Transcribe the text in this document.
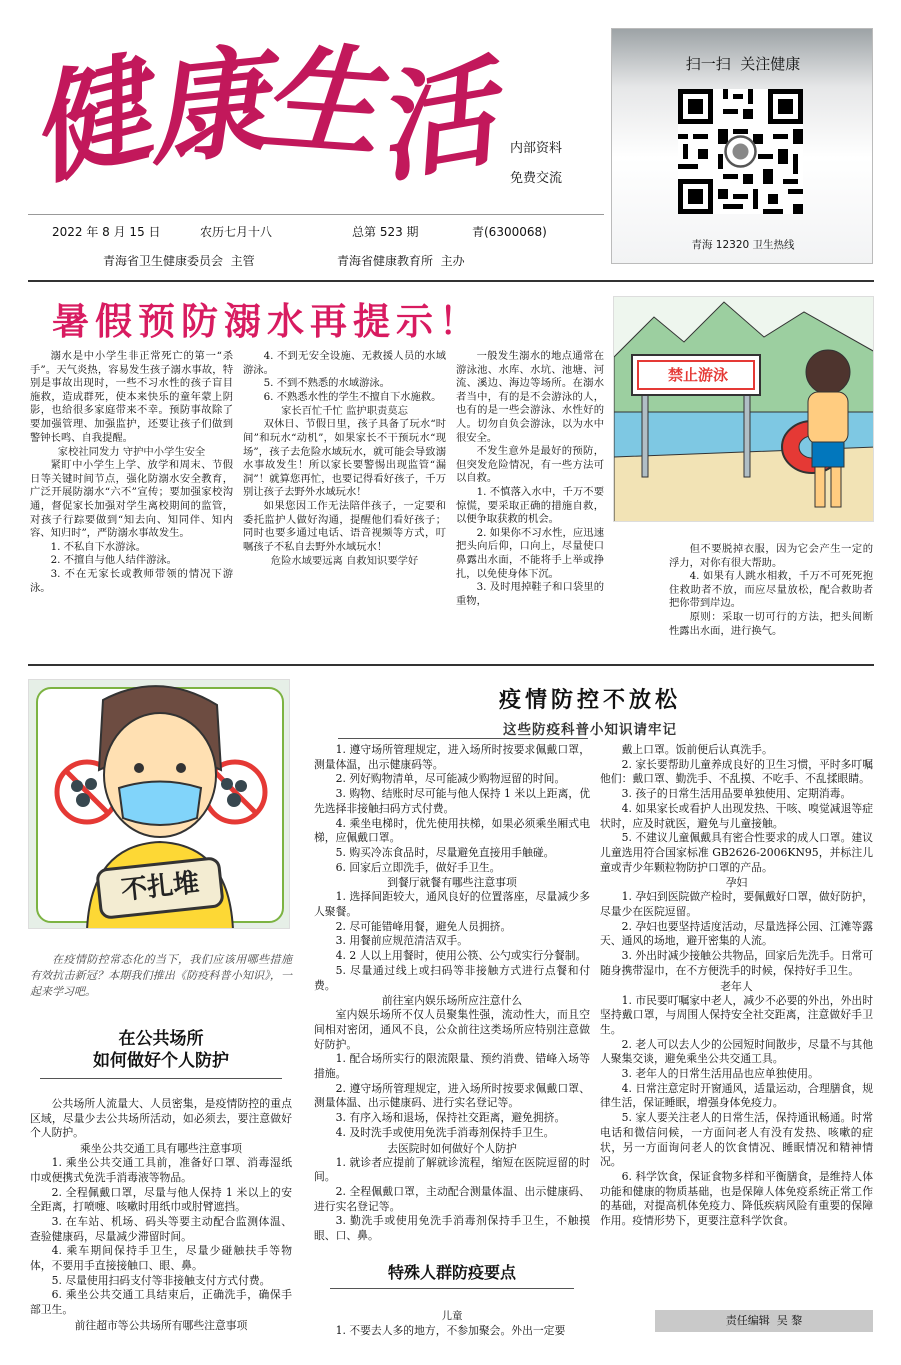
健
康
生
活 内部资料
免费交流
2022 年 8 月 15 日	农历七月十八	总第 523 期	青(6300068)
青海省卫生健康委员会  主管	青海省健康教育所  主办
扫一扫  关注健康
青海 12320 卫生热线
暑假预防溺水再提示！
禁止游泳

溺水是中小学生非正常死亡的第一“杀手”。天气炎热，容易发生孩子溺水事故，特别是事故出现时，一些不习水性的孩子盲目施救，造成群死，使本来快乐的童年蒙上阴影，也给很多家庭带来不幸。预防事故除了要加强管理、加强监护，还要让孩子们做到警钟长鸣、自我提醒。

家校社同发力 守护中小学生安全

紧盯中小学生上学、放学和周末、节假日等关键时间节点，强化防溺水安全教育，广泛开展防溺水“六不”宣传；要加强家校沟通，督促家长加强对学生离校期间的监管，对孩子行踪要做到“知去向、知同伴、知内容、知归时”，严防溺水事故发生。

1. 不私自下水游泳。

2. 不擅自与他人结伴游泳。

3. 不在无家长或教师带领的情况下游泳。

4. 不到无安全设施、无救援人员的水域游泳。

5. 不到不熟悉的水域游泳。

6. 不熟悉水性的学生不擅自下水施救。

家长百忙千忙 监护职责莫忘

双休日、节假日里，孩子具备了玩水“时间”和玩水“动机”，如果家长不干预玩水“现场”，孩子去危险水域玩水，就可能会导致溺水事故发生！所以家长要警惕出现监管“漏洞”！就算您再忙，也要记得看好孩子，千万别让孩子去野外水域玩水！

如果您因工作无法陪伴孩子，一定要和委托监护人做好沟通，提醒他们看好孩子；同时也要多通过电话、语音视频等方式，叮嘱孩子不私自去野外水域玩水！

危险水域要远离 自救知识要学好

一般发生溺水的地点通常在游泳池、水库、水坑、池塘、河流、溪边、海边等场所。在溺水者当中，有的是不会游泳的人，也有的是一些会游泳、水性好的人。切勿自负会游泳，以为水中很安全。

不发生意外是最好的预防，但突发危险情况，有一些方法可以自救。

1. 不慎落入水中，千万不要惊慌，要采取正确的措施自救，以便争取获救的机会。

2. 如果你不习水性，应迅速把头向后仰，口向上，尽量使口鼻露出水面，不能将手上举或挣扎，以免使身体下沉。

3. 及时甩掉鞋子和口袋里的重物，

但不要脱掉衣服，因为它会产生一定的浮力，对你有很大帮助。

4. 如果有人跳水相救，千万不可死死抱住救助者不放，而应尽量放松，配合救助者把你带到岸边。

原则：采取一切可行的方法，把头间断性露出水面，进行换气。

不扎堆
在疫情防控常态化的当下，我们应该用哪些措施有效抗击新冠？本期我们推出《防疫科普小知识》，一起来学习吧。
在公共场所
如何做好个人防护

公共场所人流量大、人员密集，是疫情防控的重点区域，尽量少去公共场所活动，如必须去，要注意做好个人防护。

乘坐公共交通工具有哪些注意事项

1. 乘坐公共交通工具前，准备好口罩、消毒湿纸巾或便携式免洗手消毒液等物品。

2. 全程佩戴口罩，尽量与他人保持 1 米以上的安全距离，打喷嚏、咳嗽时用纸巾或肘臂遮挡。

3. 在车站、机场、码头等要主动配合监测体温、查验健康码，尽量减少滞留时间。

4. 乘车期间保持手卫生，尽量少碰触扶手等物体，不要用手直接接触口、眼、鼻。

5. 尽量使用扫码支付等非接触支付方式付费。

6. 乘坐公共交通工具结束后，正确洗手，确保手部卫生。

前往超市等公共场所有哪些注意事项

疫情防控不放松
这些防疫科普小知识请牢记

1. 遵守场所管理规定，进入场所时按要求佩戴口罩，测量体温，出示健康码等。

2. 列好购物清单，尽可能减少购物逗留的时间。

3. 购物、结账时尽可能与他人保持 1 米以上距离，优先选择非接触扫码方式付费。

4. 乘坐电梯时，优先使用扶梯，如果必须乘坐厢式电梯，应佩戴口罩。

5. 购买冷冻食品时，尽量避免直接用手触碰。

6. 回家后立即洗手，做好手卫生。

到餐厅就餐有哪些注意事项

1. 选择间距较大，通风良好的位置落座，尽量减少多人聚餐。

2. 尽可能错峰用餐，避免人员拥挤。

3. 用餐前应规范清洁双手。

4. 2 人以上用餐时，使用公筷、公勺或实行分餐制。

5. 尽量通过线上或扫码等非接触方式进行点餐和付费。

前往室内娱乐场所应注意什么

室内娱乐场所不仅人员聚集性强，流动性大，而且空间相对密闭，通风不良，公众前往这类场所应特别注意做好防护。

1. 配合场所实行的限流限量、预约消费、错峰入场等措施。

2. 遵守场所管理规定，进入场所时按要求佩戴口罩、测量体温、出示健康码、进行实名登记等。

3. 有序入场和退场，保持社交距离，避免拥挤。

4. 及时洗手或使用免洗手消毒剂保持手卫生。

去医院时如何做好个人防护

1. 就诊者应提前了解就诊流程，缩短在医院逗留的时间。

2. 全程佩戴口罩，主动配合测量体温、出示健康码、进行实名登记等。

3. 勤洗手或使用免洗手消毒剂保持手卫生，不触摸眼、口、鼻。

特殊人群防疫要点
儿童
1. 不要去人多的地方，不参加聚会。外出一定要

戴上口罩。饭前便后认真洗手。

2. 家长要帮助儿童养成良好的卫生习惯，平时多叮嘱他们：戴口罩、勤洗手、不乱摸、不吃手、不乱揉眼睛。

3. 孩子的日常生活用品要单独使用、定期消毒。

4. 如果家长或看护人出现发热、干咳、嗅觉减退等症状时，应及时就医，避免与儿童接触。

5. 不建议儿童佩戴具有密合性要求的成人口罩。建议儿童选用符合国家标准 GB2626-2006KN95，并标注儿童或青少年颗粒物防护口罩的产品。

孕妇

1. 孕妇到医院做产检时，要佩戴好口罩，做好防护，尽量少在医院逗留。

2. 孕妇也要坚持适度活动，尽量选择公园、江滩等露天、通风的场地，避开密集的人流。

3. 外出时减少接触公共物品，回家后先洗手。日常可随身携带湿巾，在不方便洗手的时候，保持好手卫生。

老年人

1. 市民要叮嘱家中老人，减少不必要的外出，外出时坚持戴口罩，与周围人保持安全社交距离，注意做好手卫生。

2. 老人可以去人少的公园短时间散步，尽量不与其他人聚集交谈，避免乘坐公共交通工具。

3. 老年人的日常生活用品也应单独使用。

4. 日常注意定时开窗通风，适量运动，合理膳食，规律生活，保证睡眠，增强身体免疫力。

5. 家人要关注老人的日常生活，保持通讯畅通。时常电话和微信问候，一方面问老人有没有发热、咳嗽的症状，另一方面询问老人的饮食情况、睡眠情况和精神情况。

6. 科学饮食，保证食物多样和平衡膳食，是维持人体功能和健康的物质基础，也是保障人体免疫系统正常工作的基础，对提高机体免疫力、降低疾病风险有重要的保障作用。疫情形势下，更要注意科学饮食。

责任编辑  吴 黎
